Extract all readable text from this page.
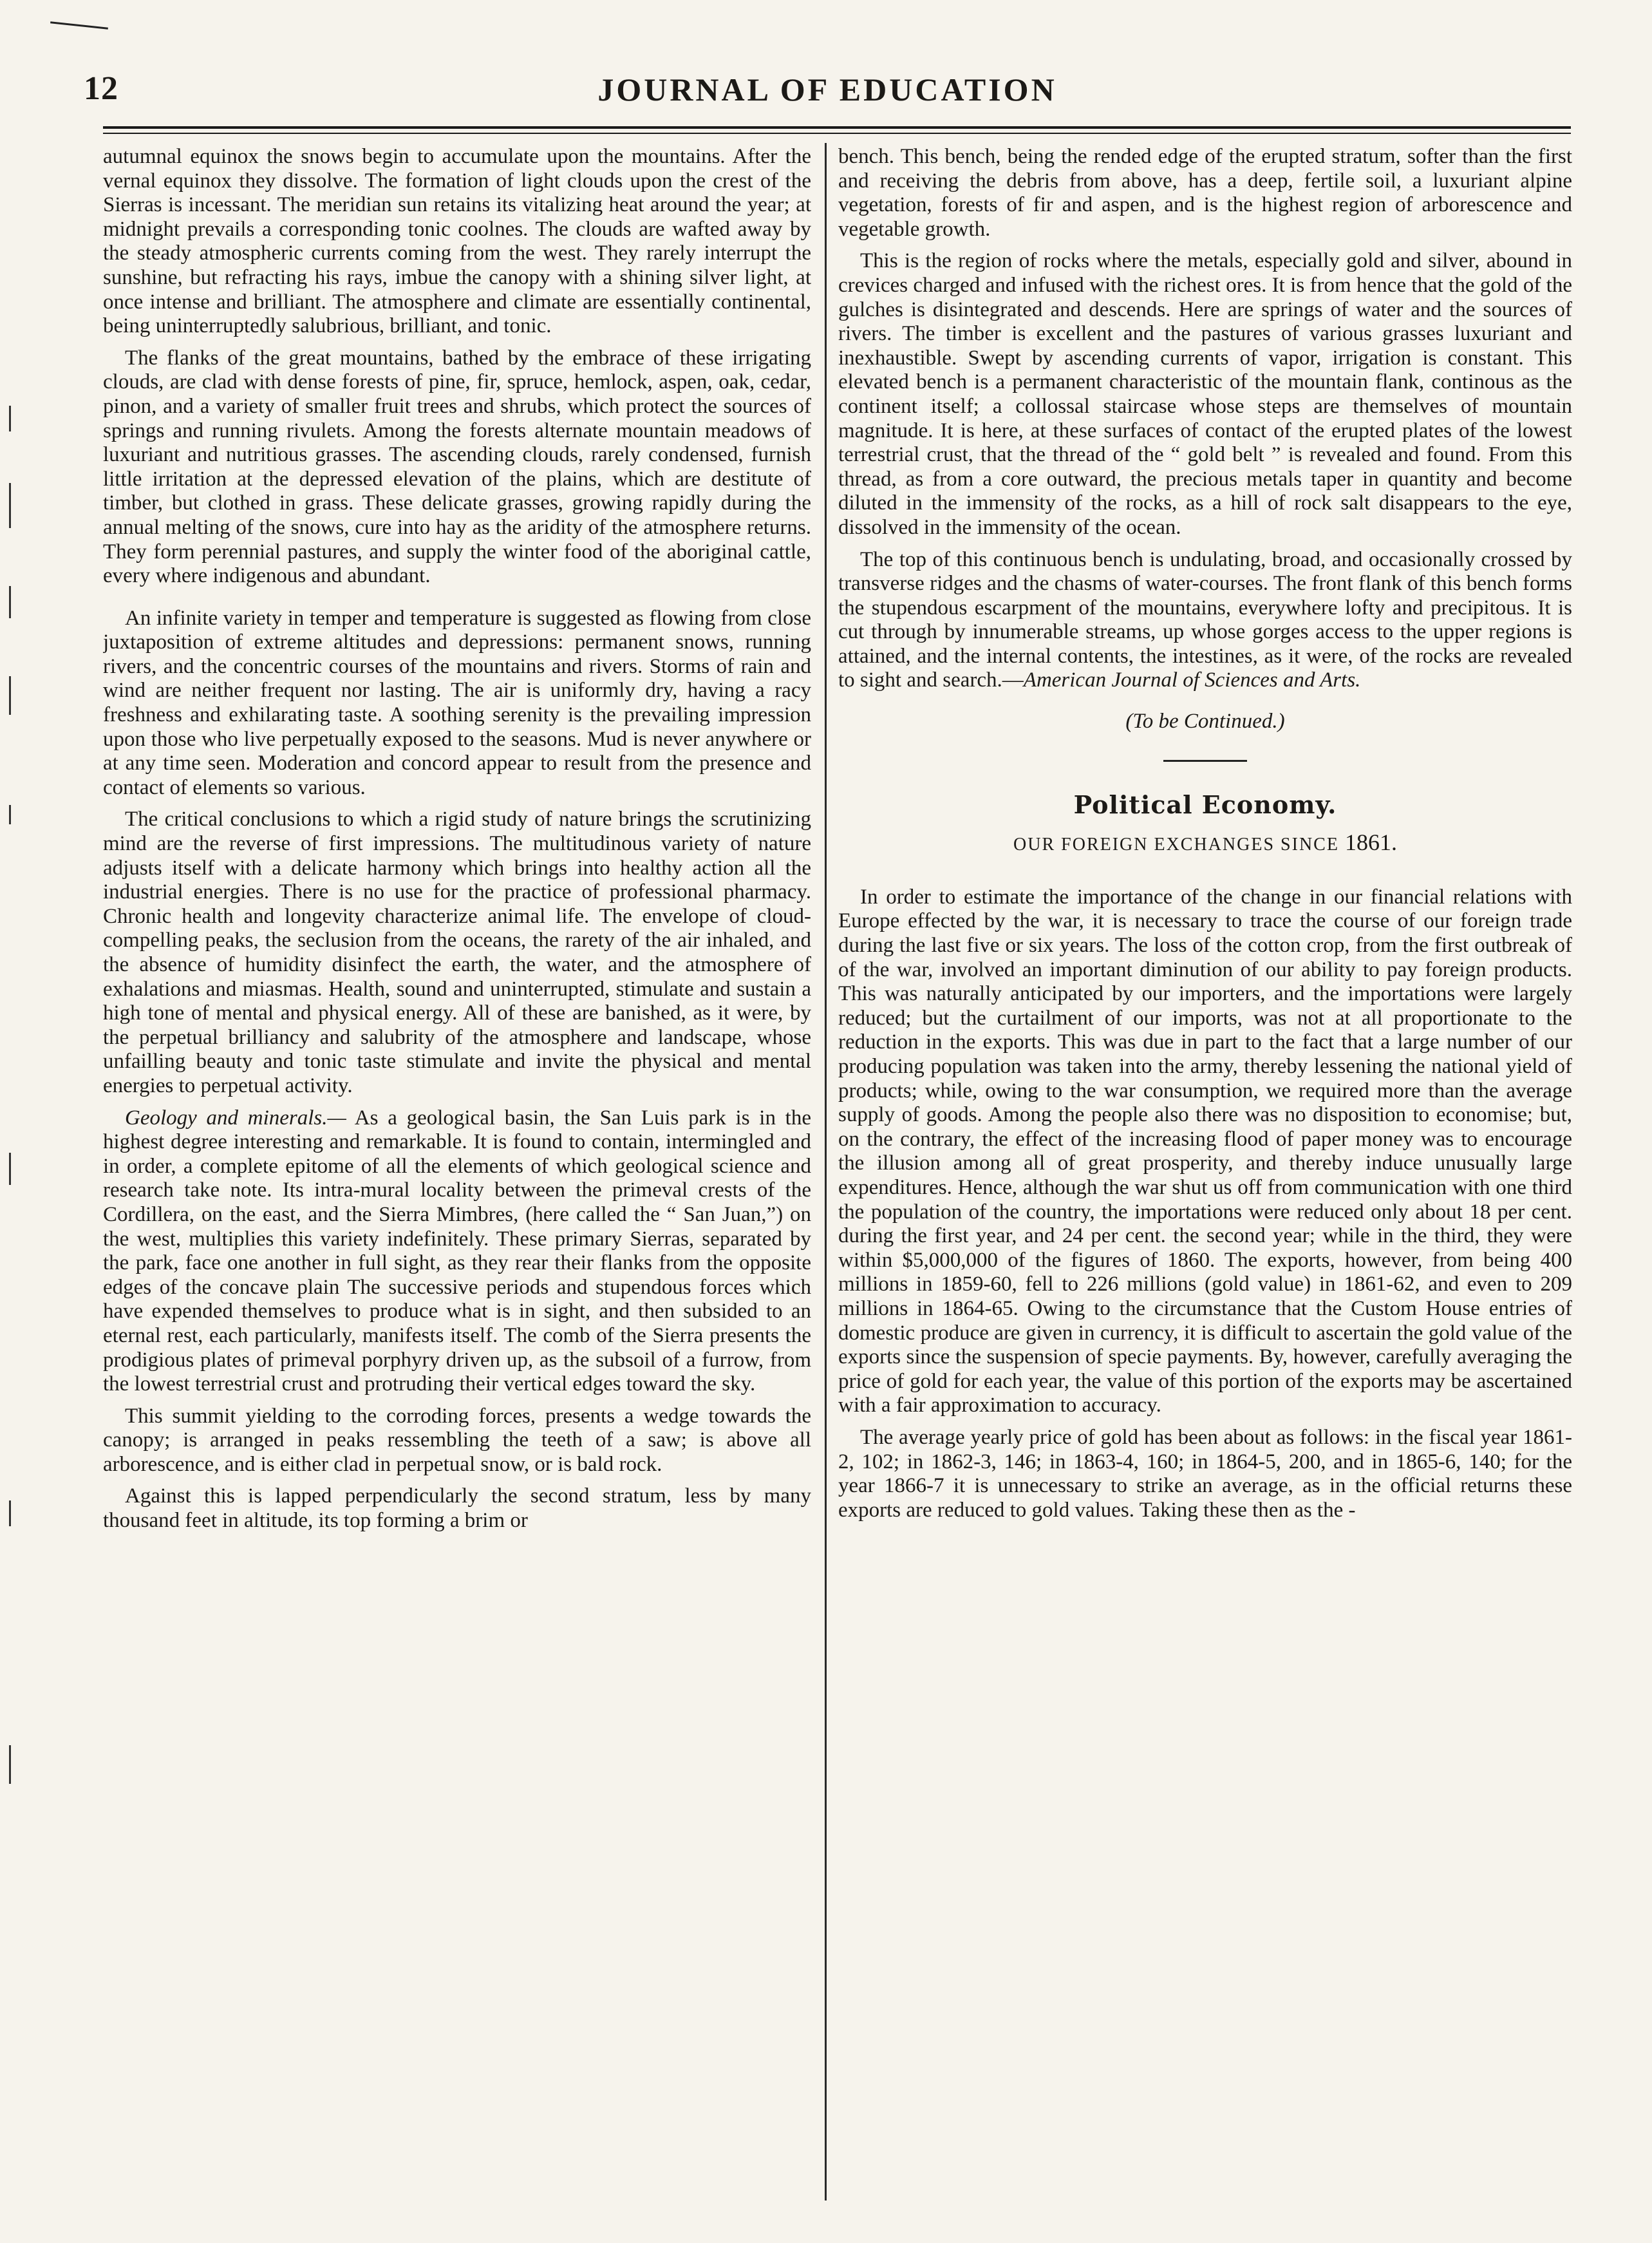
12	JOURNAL OF EDUCATION

autumnal equinox the snows begin to accumulate upon the mountains. After the vernal equinox they dissolve. The formation of light clouds upon the crest of the Sierras is incessant. The meridian sun retains its vitalizing heat around the year; at midnight prevails a corresponding tonic coolnes. The clouds are wafted away by the steady atmospheric currents coming from the west. They rarely interrupt the sunshine, but refracting his rays, imbue the canopy with a shining silver light, at once intense and brilliant. The atmosphere and climate are essentially continental, being uninterruptedly salubrious, brilliant, and tonic.

The flanks of the great mountains, bathed by the embrace of these irrigating clouds, are clad with dense forests of pine, fir, spruce, hemlock, aspen, oak, cedar, pinon, and a variety of smaller fruit trees and shrubs, which protect the sources of springs and running rivulets. Among the forests alternate mountain meadows of luxuriant and nutritious grasses. The ascending clouds, rarely condensed, furnish little irritation at the depressed elevation of the plains, which are destitute of timber, but clothed in grass. These delicate grasses, growing rapidly during the annual melting of the snows, cure into hay as the aridity of the atmosphere returns. They form perennial pastures, and supply the winter food of the aboriginal cattle, every where indigenous and abundant.

An infinite variety in temper and temperature is suggested as flowing from close juxtaposition of extreme altitudes and depressions: permanent snows, running rivers, and the concentric courses of the mountains and rivers. Storms of rain and wind are neither frequent nor lasting. The air is uniformly dry, having a racy freshness and exhilarating taste. A soothing serenity is the prevailing impression upon those who live perpetually exposed to the seasons. Mud is never anywhere or at any time seen. Moderation and concord appear to result from the presence and contact of elements so various.

The critical conclusions to which a rigid study of nature brings the scrutinizing mind are the reverse of first impressions. The multitudinous variety of nature adjusts itself with a delicate harmony which brings into healthy action all the industrial energies. There is no use for the practice of professional pharmacy. Chronic health and longevity characterize animal life. The envelope of cloud-compelling peaks, the seclusion from the oceans, the rarety of the air inhaled, and the absence of humidity disinfect the earth, the water, and the atmosphere of exhalations and miasmas. Health, sound and uninterrupted, stimulate and sustain a high tone of mental and physical energy. All of these are banished, as it were, by the perpetual brilliancy and salubrity of the atmosphere and landscape, whose unfailling beauty and tonic taste stimulate and invite the physical and mental energies to perpetual activity.

Geology and minerals.— As a geological basin, the San Luis park is in the highest degree interesting and remarkable. It is found to contain, intermingled and in order, a complete epitome of all the elements of which geological science and research take note. Its intra-mural locality between the primeval crests of the Cordillera, on the east, and the Sierra Mimbres, (here called the “ San Juan,”) on the west, multiplies this variety indefinitely. These primary Sierras, separated by the park, face one another in full sight, as they rear their flanks from the opposite edges of the concave plain The successive periods and stupendous forces which have expended themselves to produce what is in sight, and then subsided to an eternal rest, each particularly, manifests itself. The comb of the Sierra presents the prodigious plates of primeval porphyry driven up, as the subsoil of a furrow, from the lowest terrestrial crust and protruding their vertical edges toward the sky.

This summit yielding to the corroding forces, presents a wedge towards the canopy; is arranged in peaks ressembling the teeth of a saw; is above all arborescence, and is either clad in perpetual snow, or is bald rock.

Against this is lapped perpendicularly the second stratum, less by many thousand feet in altitude, its top forming a brim or

bench. This bench, being the rended edge of the erupted stratum, softer than the first and receiving the debris from above, has a deep, fertile soil, a luxuriant alpine vegetation, forests of fir and aspen, and is the highest region of arborescence and vegetable growth.

This is the region of rocks where the metals, especially gold and silver, abound in crevices charged and infused with the richest ores. It is from hence that the gold of the gulches is disintegrated and descends. Here are springs of water and the sources of rivers. The timber is excellent and the pastures of various grasses luxuriant and inexhaustible. Swept by ascending currents of vapor, irrigation is constant. This elevated bench is a permanent characteristic of the mountain flank, continous as the continent itself; a collossal staircase whose steps are themselves of mountain magnitude. It is here, at these surfaces of contact of the erupted plates of the lowest terrestrial crust, that the thread of the “ gold belt ” is revealed and found. From this thread, as from a core outward, the precious metals taper in quantity and become diluted in the immensity of the rocks, as a hill of rock salt disappears to the eye, dissolved in the immensity of the ocean.

The top of this continuous bench is undulating, broad, and occasionally crossed by transverse ridges and the chasms of water-courses. The front flank of this bench forms the stupendous escarpment of the mountains, everywhere lofty and precipitous. It is cut through by innumerable streams, up whose gorges access to the upper regions is attained, and the internal contents, the intestines, as it were, of the rocks are revealed to sight and search.—American Journal of Sciences and Arts.

(To be Continued.)
Political Economy.
OUR FOREIGN EXCHANGES SINCE 1861.

In order to estimate the importance of the change in our financial relations with Europe effected by the war, it is necessary to trace the course of our foreign trade during the last five or six years. The loss of the cotton crop, from the first outbreak of of the war, involved an important diminution of our ability to pay foreign products. This was naturally anticipated by our importers, and the importations were largely reduced; but the curtailment of our imports, was not at all proportionate to the reduction in the exports. This was due in part to the fact that a large number of our producing population was taken into the army, thereby lessening the national yield of products; while, owing to the war consumption, we required more than the average supply of goods. Among the people also there was no disposition to economise; but, on the contrary, the effect of the increasing flood of paper money was to encourage the illusion among all of great prosperity, and thereby induce unusually large expenditures. Hence, although the war shut us off from communication with one third the population of the country, the importations were reduced only about 18 per cent. during the first year, and 24 per cent. the second year; while in the third, they were within $5,000,000 of the figures of 1860. The exports, however, from being 400 millions in 1859-60, fell to 226 millions (gold value) in 1861-62, and even to 209 millions in 1864-65. Owing to the circumstance that the Custom House entries of domestic produce are given in currency, it is difficult to ascertain the gold value of the exports since the suspension of specie payments. By, however, carefully averaging the price of gold for each year, the value of this portion of the exports may be ascertained with a fair approximation to accuracy.

The average yearly price of gold has been about as follows: in the fiscal year 1861-2, 102; in 1862-3, 146; in 1863-4, 160; in 1864-5, 200, and in 1865-6, 140; for the year 1866-7 it is unnecessary to strike an average, as in the official returns these exports are reduced to gold values. Taking these then as the -
